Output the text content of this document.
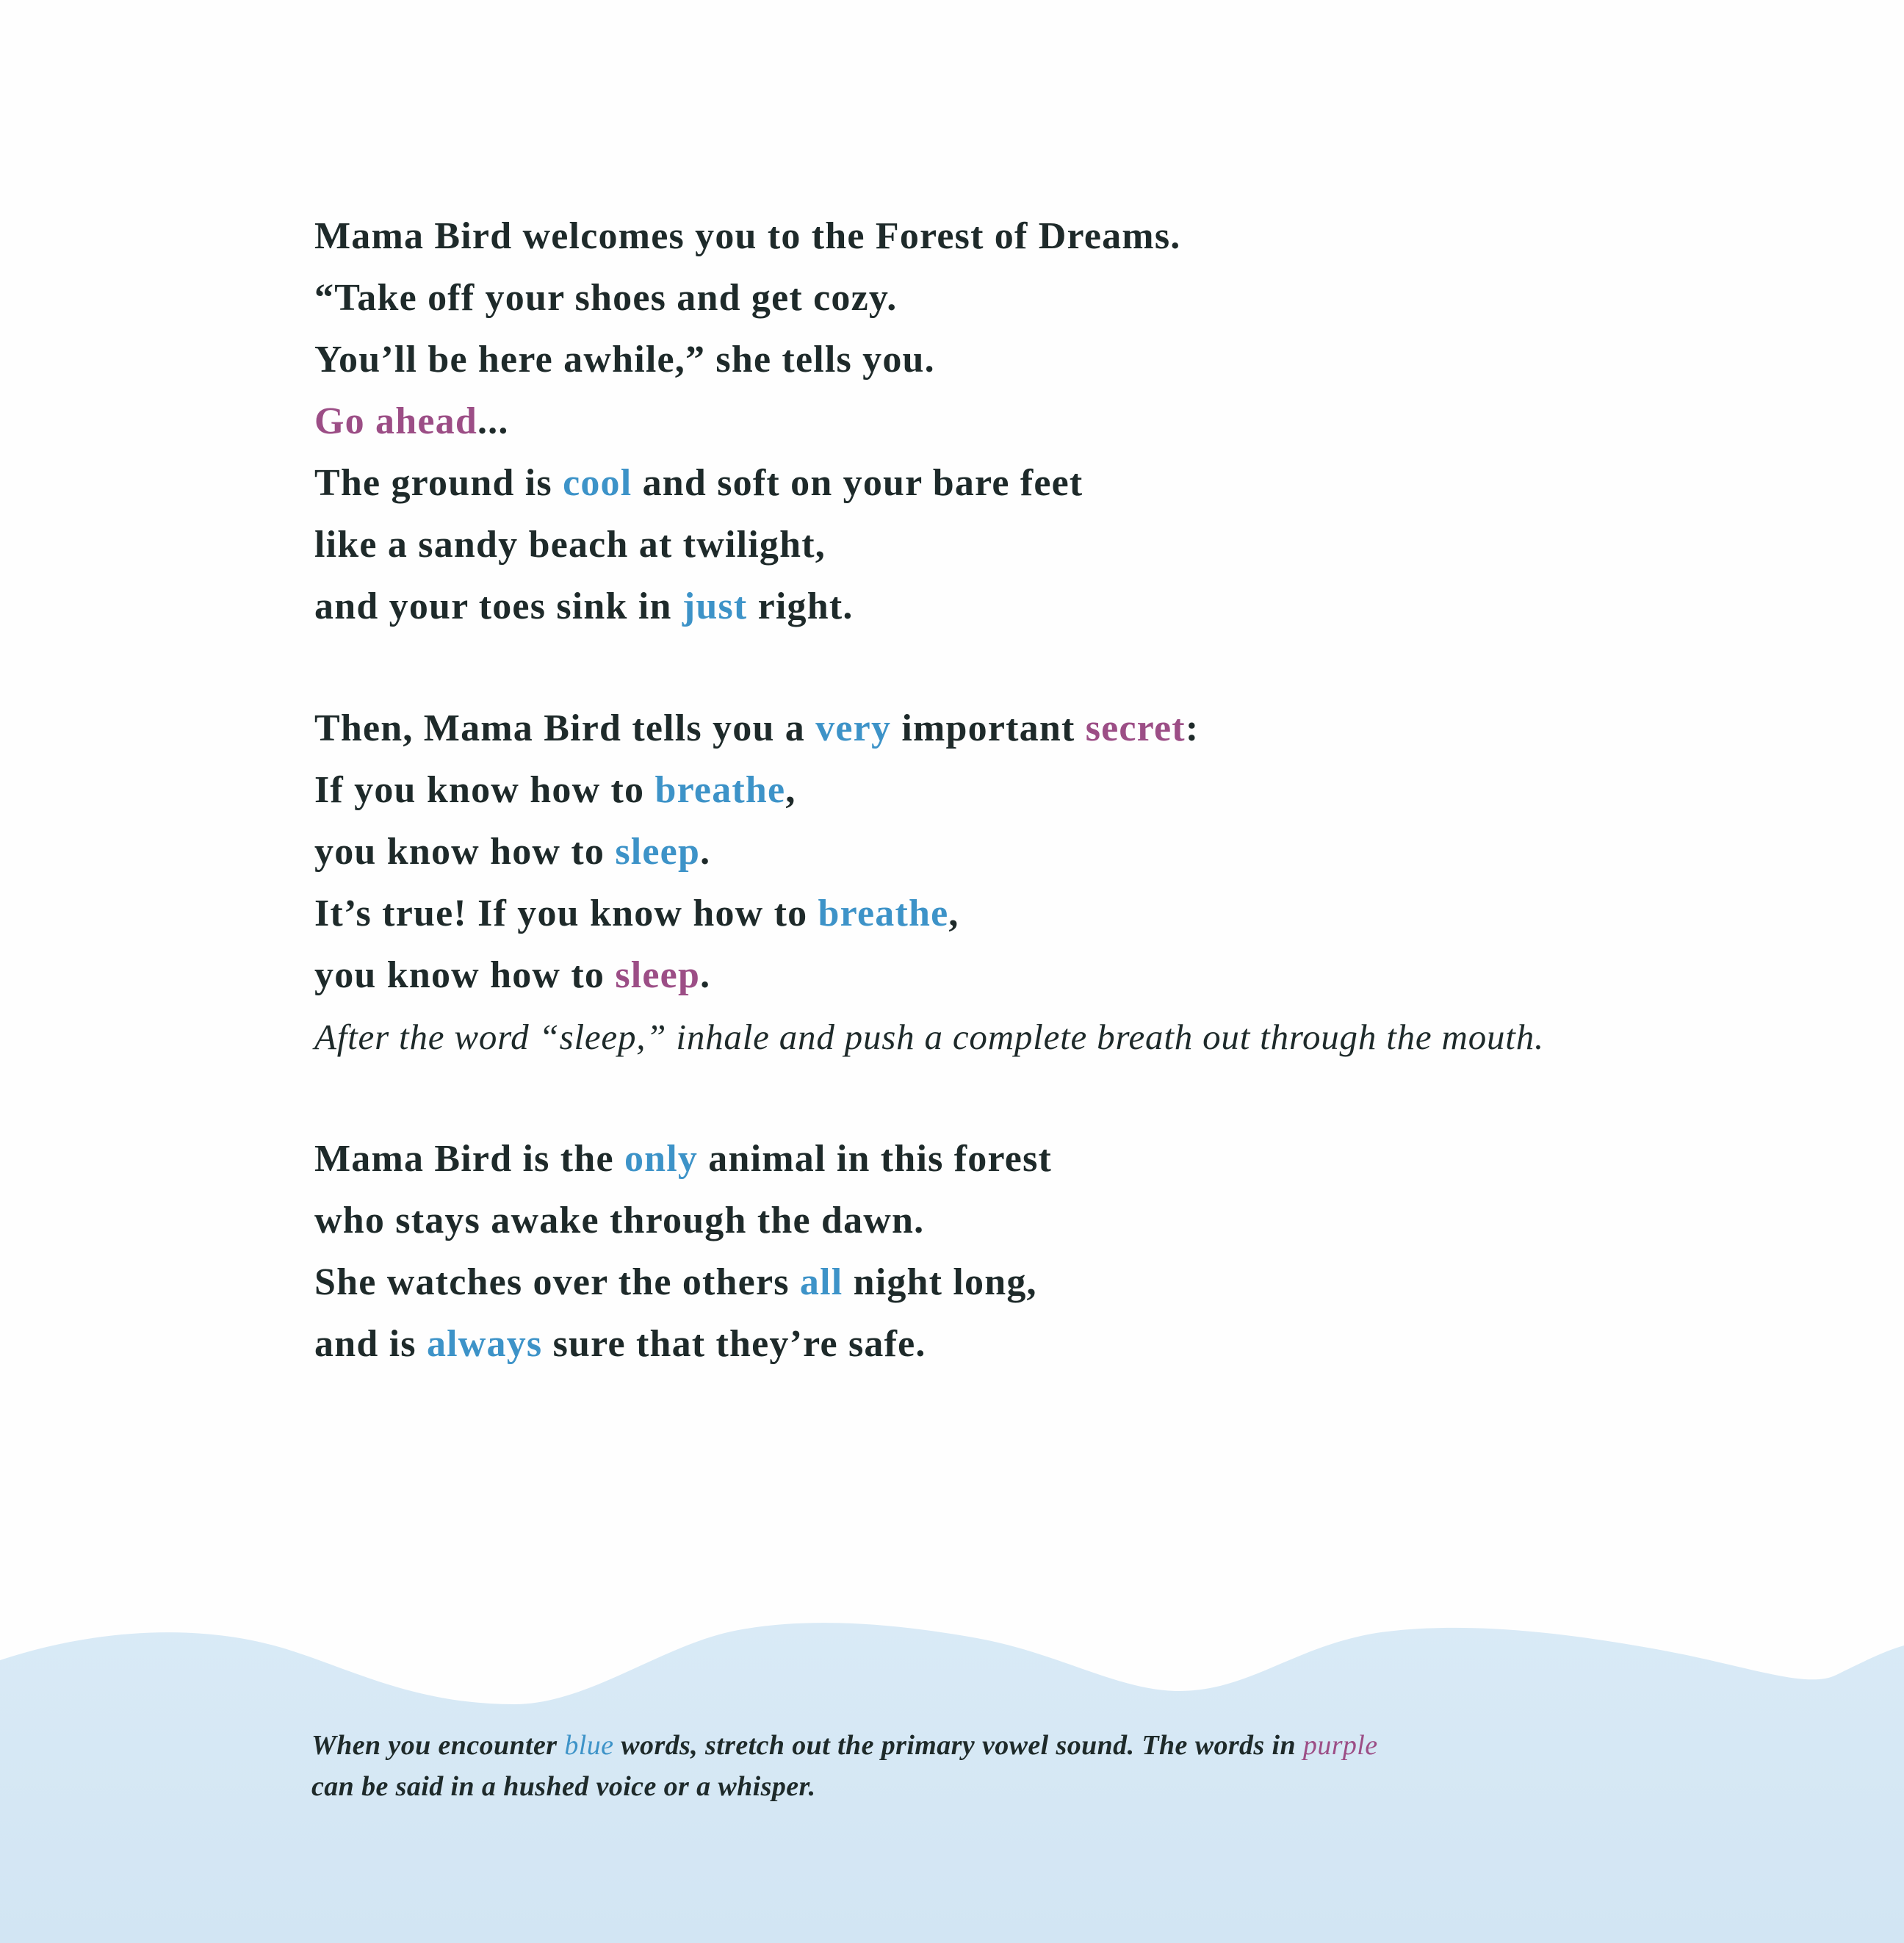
Mama Bird welcomes you to the Forest of Dreams.
“Take off your shoes and get cozy.
You’ll be here awhile,” she tells you.
Go ahead...
The ground is cool and soft on your bare feet
like a sandy beach at twilight,
and your toes sink in just right.
Then, Mama Bird tells you a very important secret:
If you know how to breathe,
you know how to sleep.
It’s true! If you know how to breathe,
you know how to sleep.
After the word “sleep,” inhale and push a complete breath out through the mouth.
Mama Bird is the only animal in this forest
who stays awake through the dawn.
She watches over the others all night long,
and is always sure that they’re safe.
When you encounter blue words, stretch out the primary vowel sound. The words in purple
can be said in a hushed voice or a whisper.
